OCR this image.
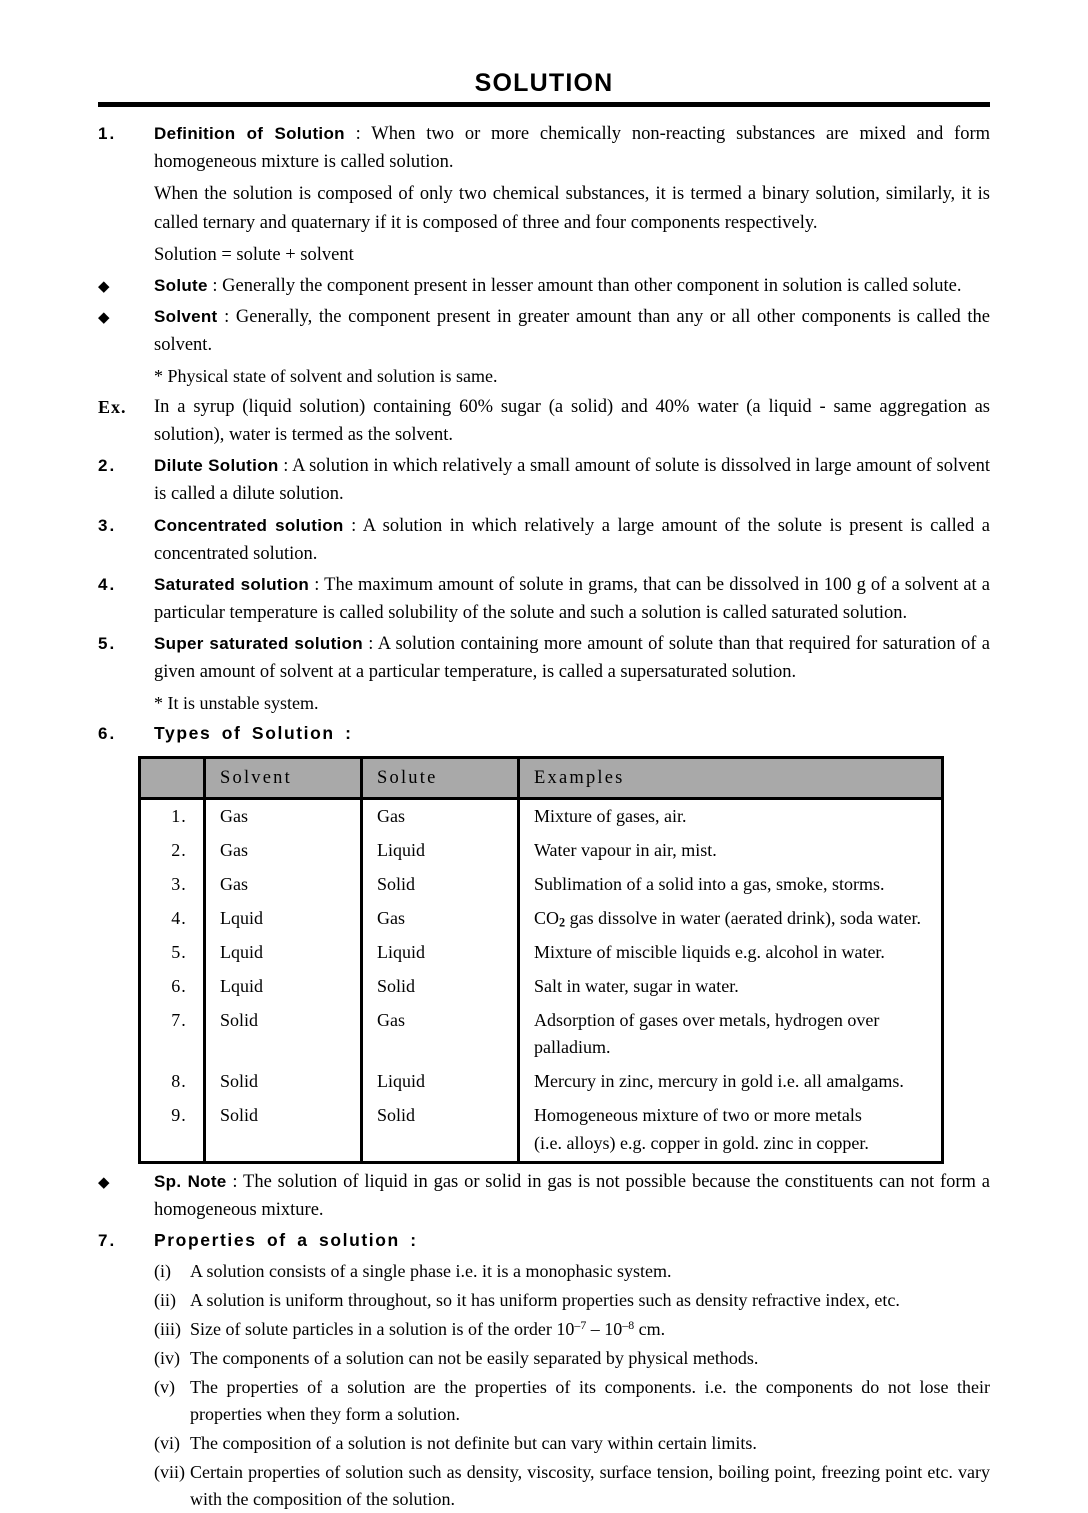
SOLUTION
1.	Definition of Solution : When two or more chemically non-reacting substances are mixed and form homogeneous mixture is called solution.

When the solution is composed of only two chemical substances, it is termed a binary solution, similarly, it is called ternary and quaternary if it is composed of three and four components respectively.

Solution = solute + solvent

◆	Solute : Generally the component present in lesser amount than other component in solution is called solute.

◆	Solvent : Generally, the component present in greater amount than any or all other components is called the solvent.

* Physical state of solvent and solution is same.

Ex.	In a syrup (liquid solution) containing 60% sugar (a solid) and 40% water (a liquid - same aggregation as solution), water is termed as the solvent.

2.	Dilute Solution : A solution in which relatively a small amount of solute is dissolved in large amount of solvent is called a dilute solution.

3.	Concentrated solution : A solution in which relatively a large amount of the solute is present is called a concentrated solution.

4.	Saturated solution : The maximum amount of solute in grams, that can be dissolved in 100 g of a solvent at a particular temperature is called solubility of the solute and such a solution is called saturated solution.

5.	Super saturated solution : A solution containing more amount of solute than that required for saturation of a given amount of solvent at a particular temperature, is called a supersaturated solution.

* It is unstable system.

6.	Types of Solution :

	Solvent	Solute	Examples
1.	Gas	Gas	Mixture of gases, air.
2.	Gas	Liquid	Water vapour in air, mist.
3.	Gas	Solid	Sublimation of a solid into a gas, smoke, storms.
4.	Lquid	Gas	$CO_2$ gas dissolve in water (aerated drink), soda water.
5.	Lquid	Liquid	Mixture of miscible liquids e.g. alcohol in water.
6.	Lquid	Solid	Salt in water, sugar in water.
7.	Solid	Gas	Adsorption of gases over metals, hydrogen over palladium.
8.	Solid	Liquid	Mercury in zinc, mercury in gold i.e. all amalgams.
9.	Solid	Solid	Homogeneous mixture of two or more metals
(i.e. alloys) e.g. copper in gold. zinc in copper.
◆	Sp. Note : The solution of liquid in gas or solid in gas is not possible because the constituents can not form a homogeneous mixture.

7.	Properties of a solution :

(i)	A solution consists of a single phase i.e. it is a monophasic system.
(ii) A solution is uniform throughout, so it has uniform properties such as density refractive index, etc.
(iii) Size of solute particles in a solution is of the order $10^{-7} - 10^{-8}$ cm.
(iv) The components of a solution can not be easily separated by physical methods.
(v) The properties of a solution are the properties of its components. i.e. the components do not lose their properties when they form a solution.
(vi) The composition of a solution is not definite but can vary within certain limits.
(vii) Certain properties of solution such as density, viscosity, surface tension, boiling point, freezing point etc. vary with the composition of the solution.
